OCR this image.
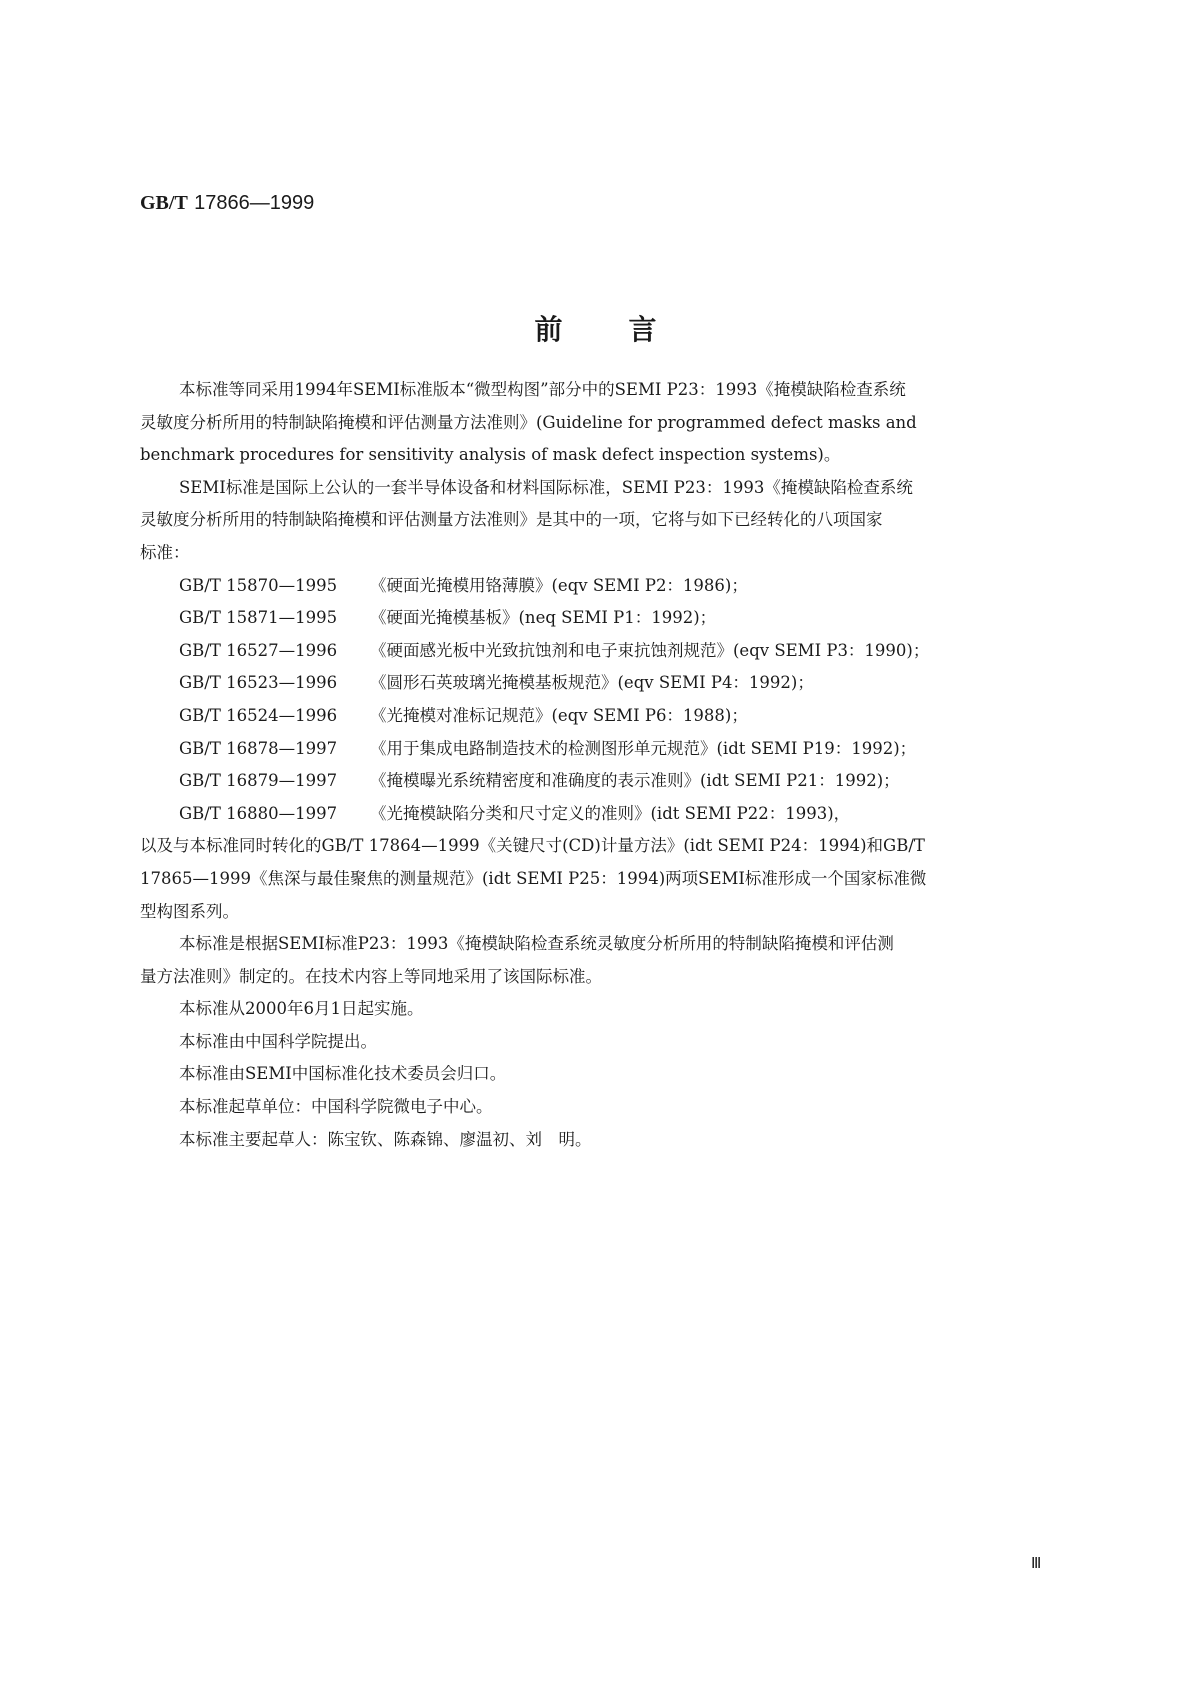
GB/T 17866—1999
前言

本标准等同采用1994年SEMI标准版本“微型构图”部分中的SEMI P23：1993《掩模缺陷检查系统

灵敏度分析所用的特制缺陷掩模和评估测量方法准则》(Guideline for programmed defect masks and

benchmark procedures for sensitivity analysis of mask defect inspection systems)。

SEMI标准是国际上公认的一套半导体设备和材料国际标准，SEMI P23：1993《掩模缺陷检查系统

灵敏度分析所用的特制缺陷掩模和评估测量方法准则》是其中的一项，它将与如下已经转化的八项国家

标准：

GB/T 15870—1995 《硬面光掩模用铬薄膜》(eqv SEMI P2：1986)；

GB/T 15871—1995 《硬面光掩模基板》(neq SEMI P1：1992)；

GB/T 16527—1996 《硬面感光板中光致抗蚀剂和电子束抗蚀剂规范》(eqv SEMI P3：1990)；

GB/T 16523—1996 《圆形石英玻璃光掩模基板规范》(eqv SEMI P4：1992)；

GB/T 16524—1996 《光掩模对准标记规范》(eqv SEMI P6：1988)；

GB/T 16878—1997 《用于集成电路制造技术的检测图形单元规范》(idt SEMI P19：1992)；

GB/T 16879—1997 《掩模曝光系统精密度和准确度的表示准则》(idt SEMI P21：1992)；

GB/T 16880—1997 《光掩模缺陷分类和尺寸定义的准则》(idt SEMI P22：1993)，

以及与本标准同时转化的GB/T 17864—1999《关键尺寸(CD)计量方法》(idt SEMI P24：1994)和GB/T

17865—1999《焦深与最佳聚焦的测量规范》(idt SEMI P25：1994)两项SEMI标准形成一个国家标准微

型构图系列。

本标准是根据SEMI标准P23：1993《掩模缺陷检查系统灵敏度分析所用的特制缺陷掩模和评估测

量方法准则》制定的。在技术内容上等同地采用了该国际标准。

本标准从2000年6月1日起实施。

本标准由中国科学院提出。

本标准由SEMI中国标准化技术委员会归口。

本标准起草单位：中国科学院微电子中心。

本标准主要起草人：陈宝钦、陈森锦、廖温初、刘　明。

Ⅲ
